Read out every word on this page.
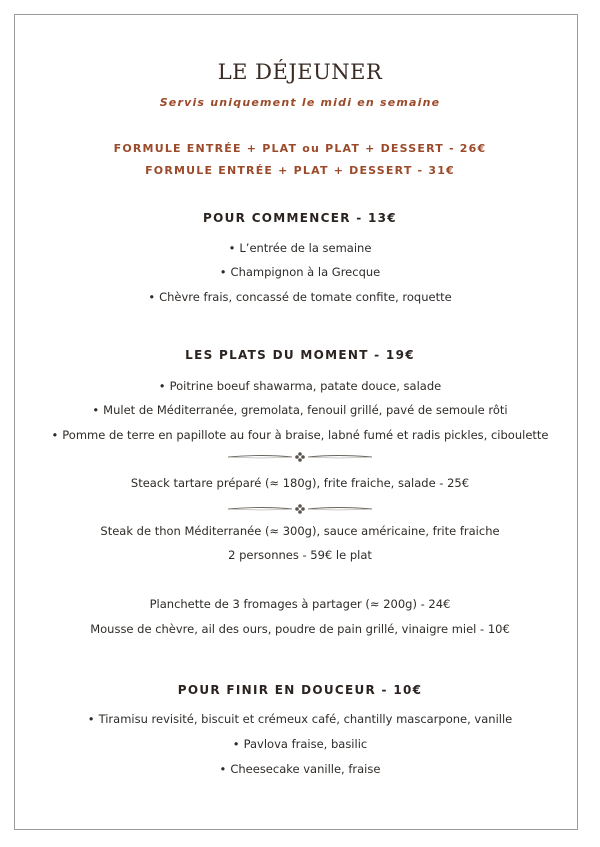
LE DÉJEUNER
Servis uniquement le midi en semaine
FORMULE ENTRÉE + PLAT ou PLAT + DESSERT - 26€
FORMULE ENTRÉE + PLAT + DESSERT - 31€
POUR COMMENCER - 13€
• L’entrée de la semaine
• Champignon à la Grecque
• Chèvre frais, concassé de tomate confite, roquette
LES PLATS DU MOMENT - 19€
• Poitrine boeuf shawarma, patate douce, salade
• Mulet de Méditerranée, gremolata, fenouil grillé, pavé de semoule rôti
• Pomme de terre en papillote au four à braise, labné fumé et radis pickles, ciboulette
Steack tartare préparé (≈ 180g), frite fraiche, salade - 25€
Steak de thon Méditerranée (≈ 300g), sauce américaine, frite fraiche
2 personnes - 59€ le plat
Planchette de 3 fromages à partager (≈ 200g) - 24€
Mousse de chèvre, ail des ours, poudre de pain grillé, vinaigre miel - 10€
POUR FINIR EN DOUCEUR - 10€
• Tiramisu revisité, biscuit et crémeux café, chantilly mascarpone, vanille
• Pavlova fraise, basilic
• Cheesecake vanille, fraise
